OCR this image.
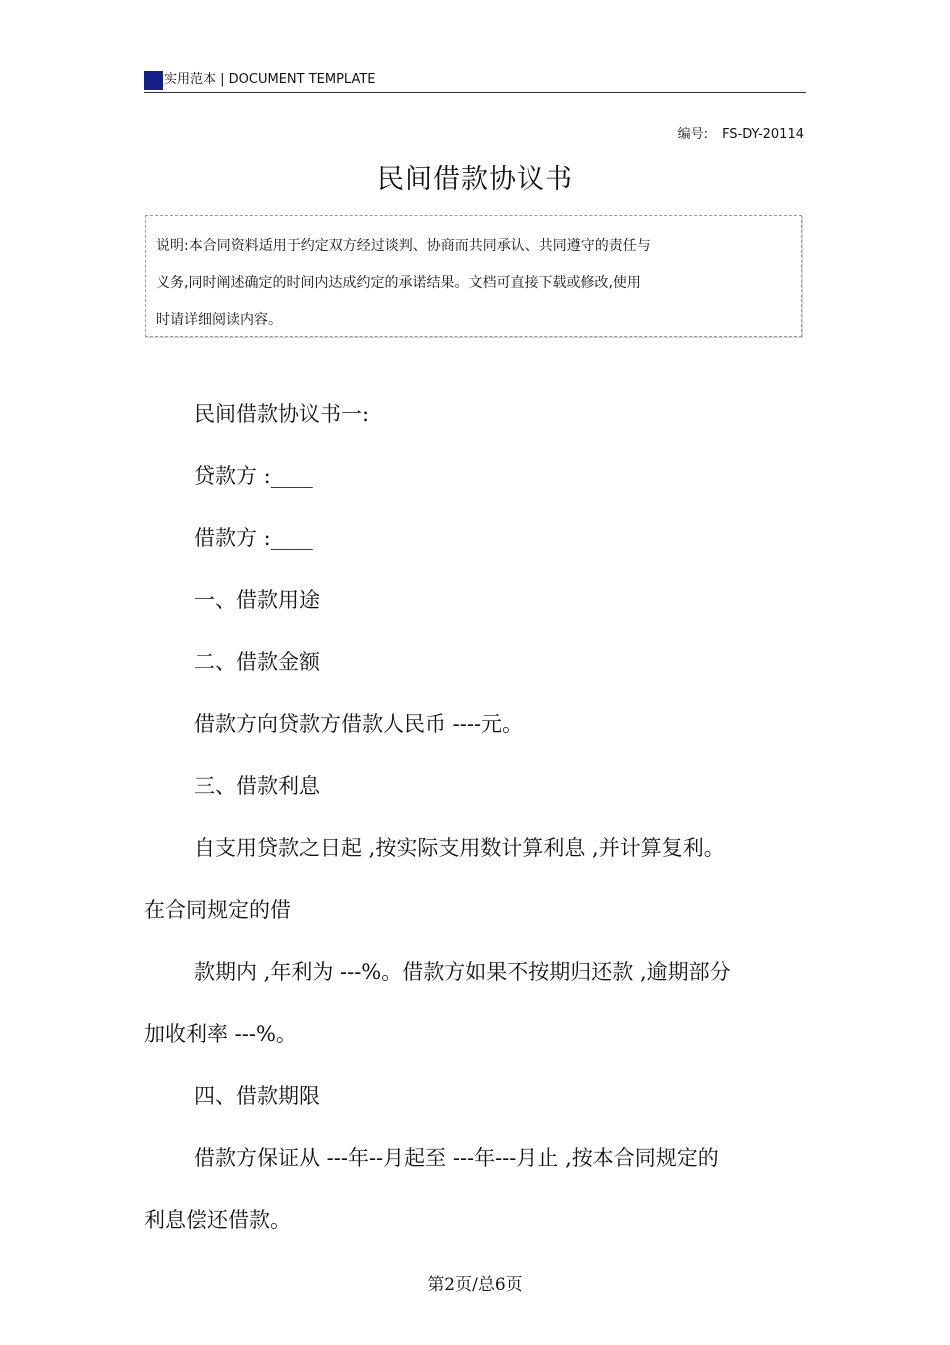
实用范本 | DOCUMENT TEMPLATE
编号: FS-DY-20114
民间借款协议书

说明:本合同资料适用于约定双方经过谈判、协商而共同承认、共同遵守的责任与

义务,同时阐述确定的时间内达成约定的承诺结果。文档可直接下载或修改,使用

时请详细阅读内容。

民间借款协议书一:

贷款方 :____

借款方 :____

一、借款用途

二、借款金额

借款方向贷款方借款人民币 ----元。

三、借款利息

自支用贷款之日起 ,按实际支用数计算利息 ,并计算复利。

在合同规定的借

款期内 ,年利为 ---%。借款方如果不按期归还款 ,逾期部分

加收利率 ---%。

四、借款期限

借款方保证从 ---年--月起至 ---年---月止 ,按本合同规定的

利息偿还借款。

第2页/总6页
